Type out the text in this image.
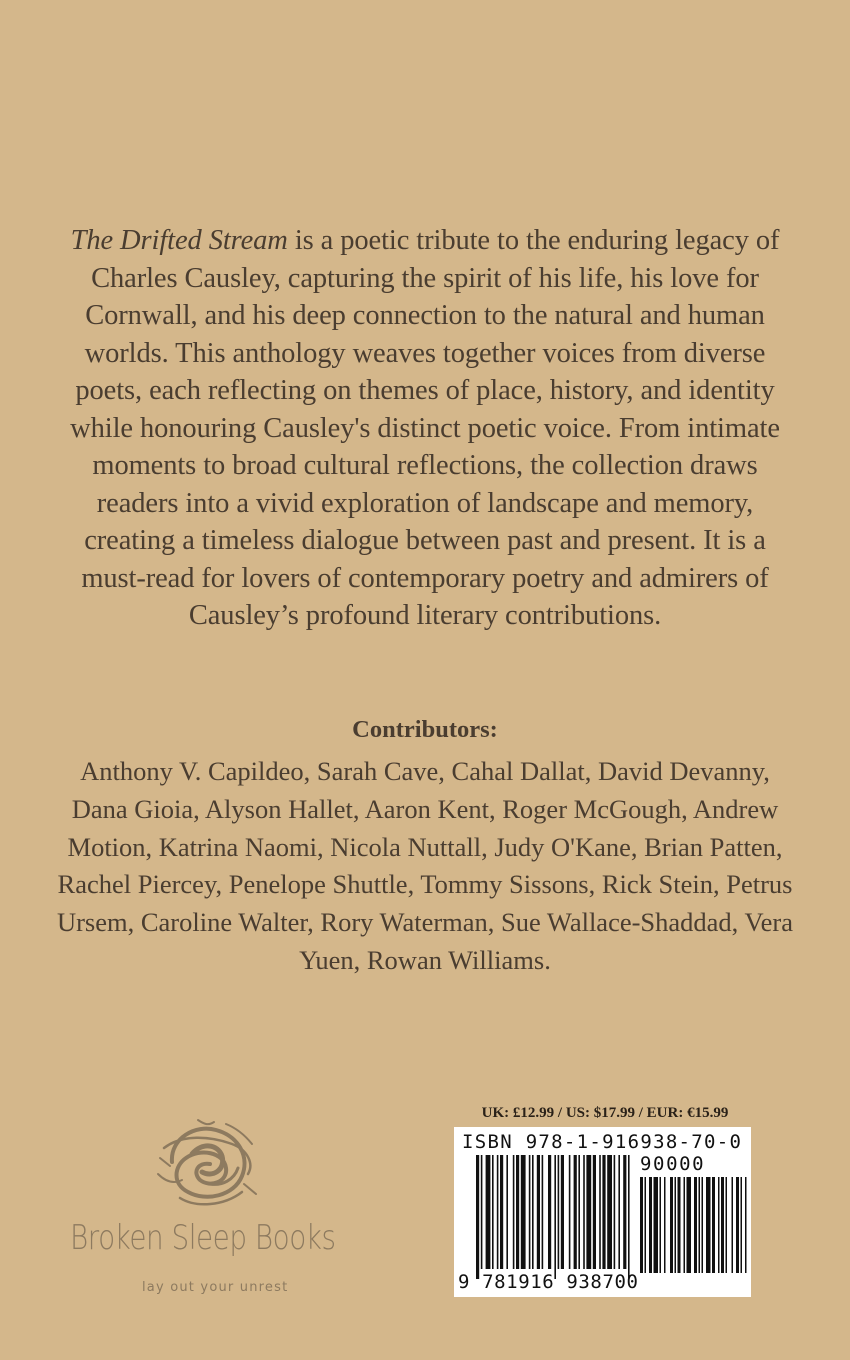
The Drifted Stream is a poetic tribute to the enduring legacy of Charles Causley, capturing the spirit of his life, his love for Cornwall, and his deep connection to the natural and human worlds. This anthology weaves together voices from diverse poets, each reflecting on themes of place, history, and identity while honouring Causley's distinct poetic voice. From intimate moments to broad cultural reflections, the collection draws readers into a vivid exploration of landscape and memory, creating a timeless dialogue between past and present. It is a must-read for lovers of contemporary poetry and admirers of Causley’s profound literary contributions.
Contributors:
Anthony V. Capildeo, Sarah Cave, Cahal Dallat, David Devanny, Dana Gioia, Alyson Hallet, Aaron Kent, Roger McGough, Andrew Motion, Katrina Naomi, Nicola Nuttall, Judy O'Kane, Brian Patten, Rachel Piercey, Penelope Shuttle, Tommy Sissons, Rick Stein, Petrus Ursem, Caroline Walter, Rory Waterman, Sue Wallace-Shaddad, Vera Yuen, Rowan Williams.
Broken Sleep Books
lay out your unrest
UK: £12.99 / US: $17.99 / EUR: €15.99
ISBN 978-1-916938-70-0
90000
9 781916 938700
